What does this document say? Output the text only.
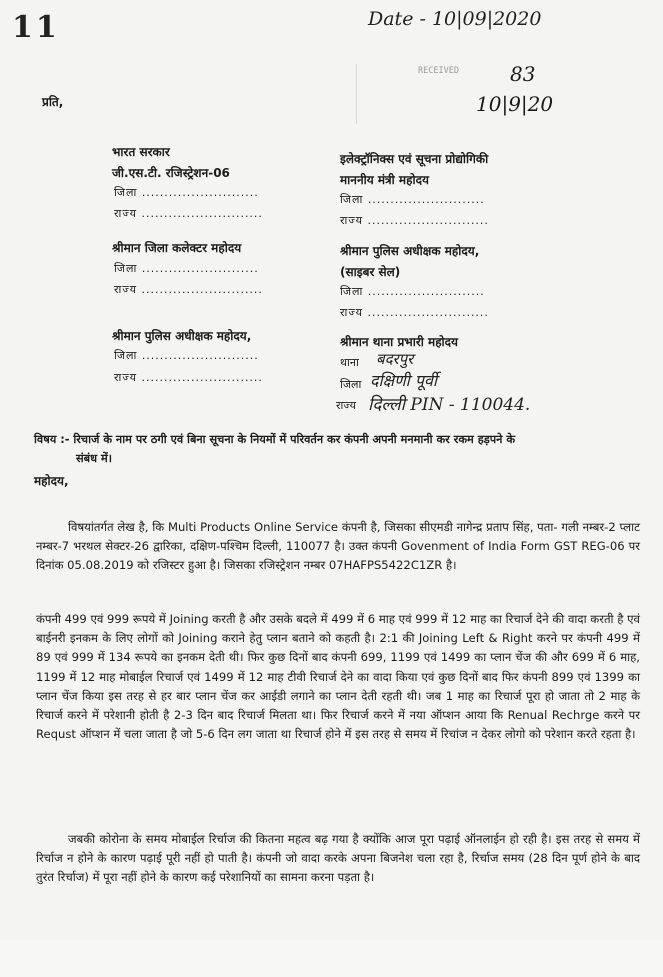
11	Date - 10|09|2020
RECEIVED	83
10|9|20
प्रति,
भारत सरकार
जी.एस.टी. रजिस्ट्रेशन-06
जिला ..........................
राज्य ...........................
इलेक्ट्रॉनिक्स एवं सूचना प्रोद्योगिकी
माननीय मंत्री महोदय
जिला ..........................
राज्य ...........................
श्रीमान जिला कलेक्टर महोदय
जिला ..........................
राज्य ...........................
श्रीमान पुलिस अधीक्षक महोदय,
(साइबर सेल)
जिला ..........................
राज्य ...........................
श्रीमान पुलिस अधीक्षक महोदय,
जिला ..........................
राज्य ...........................
श्रीमान थाना प्रभारी महोदय
थाना बदरपुर
जिला दक्षिणी पूर्वी
राज्य दिल्ली PIN - 110044.
विषय :- रिचार्ज के नाम पर ठगी एवं बिना सूचना के नियमों में परिवर्तन कर कंपनी अपनी मनमानी कर रकम हड़पने के
संबंध में।
महोदय,
विषयांतर्गत लेख है, कि Multi Products Online Service कंपनी है, जिसका सीएमडी नागेन्द्र प्रताप सिंह, पता- गली नम्बर-2 प्लाट नम्बर-7 भरथल सेक्टर-26 द्वारिका, दक्षिण-पश्चिम दिल्ली, 110077 है। उक्त कंपनी Govenment of India Form GST REG-06 पर दिनांक 05.08.2019 को रजिस्टर हुआ है। जिसका रजिस्ट्रेशन नम्बर 07HAFPS5422C1ZR है।
कंपनी 499 एवं 999 रूपये में Joining करती है और उसके बदले में 499 में 6 माह एवं 999 में 12 माह का रिचार्ज देने की वादा करती है एवं बाईनरी इनकम के लिए लोगों को Joining कराने हेतु प्लान बताने को कहती है। 2:1 की Joining Left & Right करने पर कंपनी 499 में 89 एवं 999 में 134 रूपये का इनकम देती थी। फिर कुछ दिनों बाद कंपनी 699, 1199 एवं 1499 का प्लान चेंज की और 699 में 6 माह, 1199 में 12 माह मोबाईल रिचार्ज एवं 1499 में 12 माह टीवी रिचार्ज देने का वादा किया एवं कुछ दिनों बाद फिर कंपनी 899 एवं 1399 का प्लान चेंज किया इस तरह से हर बार प्लान चेंज कर आईडी लगाने का प्लान देती रहती थी। जब 1 माह का रिचार्ज पूरा हो जाता तो 2 माह के रिचार्ज करने में परेशानी होती है 2-3 दिन बाद रिचार्ज मिलता था। फिर रिचार्ज करने में नया ऑप्शन आया कि Renual Rechrge करने पर Requst ऑप्शन में चला जाता है जो 5-6 दिन लग जाता था रिचार्ज होने में इस तरह से समय में रिचांज न देकर लोगो को परेशान करते रहता है।
जबकी कोरोना के समय मोबाईल रिर्चाज की कितना महत्व बढ़ गया है क्योंकि आज पूरा पढ़ाई ऑनलाईन हो रही है। इस तरह से समय में रिर्चाज न होने के कारण पढ़ाई पूरी नहीं हो पाती है। कंपनी जो वादा करके अपना बिजनेश चला रहा है, रिर्चाज समय (28 दिन पूर्ण होने के बाद तुरंत रिर्चाज) में पूरा नहीं होने के कारण कई परेशानियों का सामना करना पड़ता है।
